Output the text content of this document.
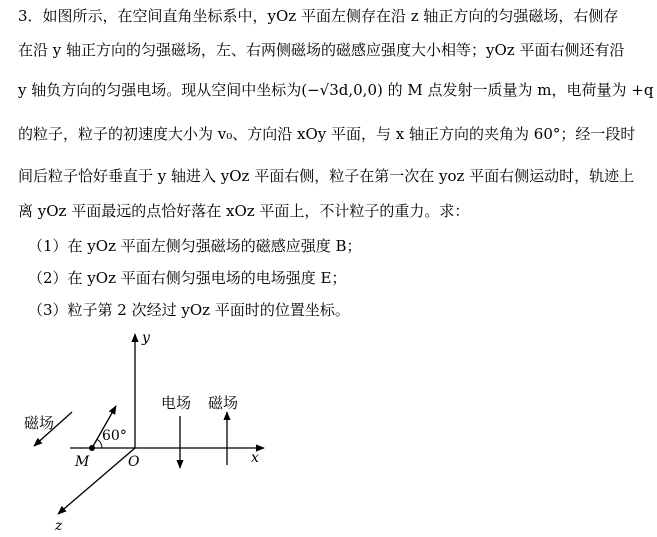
3．如图所示，在空间直角坐标系中，yOz 平面左侧存在沿 z 轴正方向的匀强磁场，右侧存
在沿 y 轴正方向的匀强磁场，左、右两侧磁场的磁感应强度大小相等；yOz 平面右侧还有沿
y 轴负方向的匀强电场。现从空间中坐标为(−√3d,0,0) 的 M 点发射一质量为 m，电荷量为 +q
的粒子，粒子的初速度大小为 v₀、方向沿 xOy 平面，与 x 轴正方向的夹角为 60°；经一段时
间后粒子恰好垂直于 y 轴进入 yOz 平面右侧，粒子在第一次在 yoz 平面右侧运动时，轨迹上
离 yOz 平面最远的点恰好落在 xOz 平面上，不计粒子的重力。求：
（1）在 yOz 平面左侧匀强磁场的磁感应强度 B；
（2）在 yOz 平面右侧匀强电场的电场强度 E；
（3）粒子第 2 次经过 yOz 平面时的位置坐标。
y
x
z
O
M
60°
磁场
电场 磁场
